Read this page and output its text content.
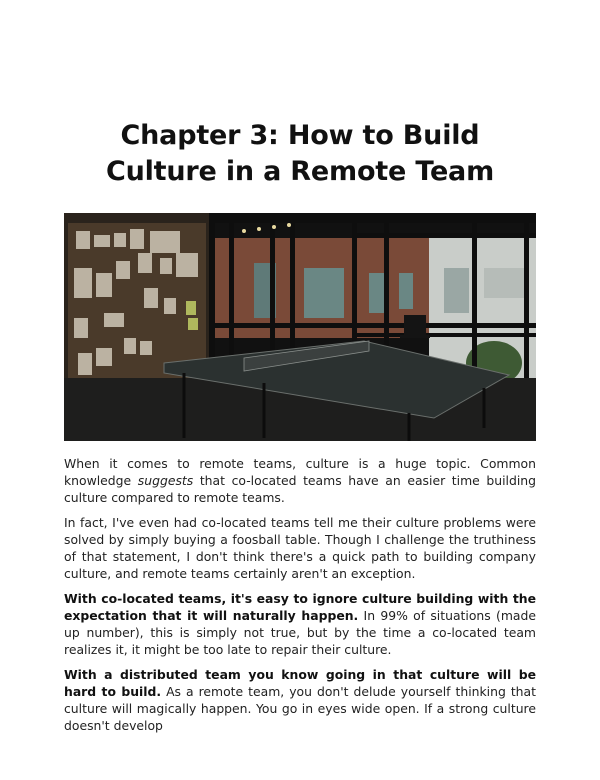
Chapter 3: How to Build Culture in a Remote Team

When it comes to remote teams, culture is a huge topic. Common knowledge suggests that co-located teams have an easier time building culture compared to remote teams.

In fact, I've even had co-located teams tell me their culture problems were solved by simply buying a foosball table. Though I challenge the truthiness of that statement, I don't think there's a quick path to building company culture, and remote teams certainly aren't an exception.

With co-located teams, it's easy to ignore culture building with the expectation that it will naturally happen. In 99% of situations (made up number), this is simply not true, but by the time a co-located team realizes it, it might be too late to repair their culture.

With a distributed team you know going in that culture will be hard to build. As a remote team, you don't delude yourself thinking that culture will magically happen. You go in eyes wide open. If a strong culture doesn't develop
